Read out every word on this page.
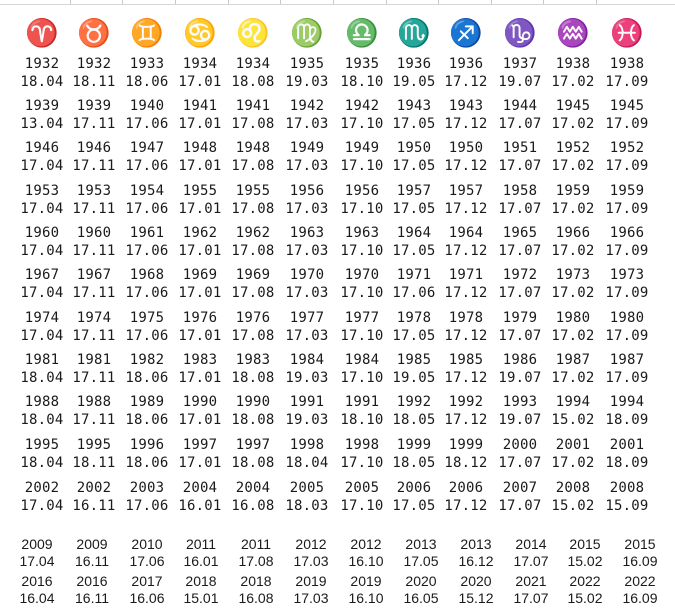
♈ ♉ ♊ ♋ ♌ ♍ ♎ ♏ ♐ ♑ ♒ ♓
1932
18.04
1932
18.11
1933
18.06
1934
17.01
1934
18.08
1935
19.03
1935
18.10
1936
19.05
1936
17.12
1937
19.07
1938
17.02
1938
17.09
1939
13.04
1939
17.11
1940
17.06
1941
17.01
1941
17.08
1942
17.03
1942
17.10
1943
17.05
1943
17.12
1944
17.07
1945
17.02
1945
17.09
1946
17.04
1946
17.11
1947
17.06
1948
17.01
1948
17.08
1949
17.03
1949
17.10
1950
17.05
1950
17.12
1951
17.07
1952
17.02
1952
17.09
1953
17.04
1953
17.11
1954
17.06
1955
17.01
1955
17.08
1956
17.03
1956
17.10
1957
17.05
1957
17.12
1958
17.07
1959
17.02
1959
17.09
1960
17.04
1960
17.11
1961
17.06
1962
17.01
1962
17.08
1963
17.03
1963
17.10
1964
17.05
1964
17.12
1965
17.07
1966
17.02
1966
17.09
1967
17.04
1967
17.11
1968
17.06
1969
17.01
1969
17.08
1970
17.03
1970
17.10
1971
17.06
1971
17.12
1972
17.07
1973
17.02
1973
17.09
1974
17.04
1974
17.11
1975
17.06
1976
17.01
1976
17.08
1977
17.03
1977
17.10
1978
17.05
1978
17.12
1979
17.07
1980
17.02
1980
17.09
1981
18.04
1981
17.11
1982
18.06
1983
17.01
1983
18.08
1984
19.03
1984
17.10
1985
19.05
1985
17.12
1986
19.07
1987
17.02
1987
17.09
1988
18.04
1988
17.11
1989
18.06
1990
17.01
1990
18.08
1991
19.03
1991
18.10
1992
18.05
1992
17.12
1993
19.07
1994
15.02
1994
18.09
1995
18.04
1995
18.11
1996
18.06
1997
17.01
1997
18.08
1998
18.04
1998
17.10
1999
18.05
1999
18.12
2000
17.07
2001
17.02
2001
18.09
2002
17.04
2002
16.11
2003
17.06
2004
16.01
2004
16.08
2005
18.03
2005
17.10
2006
17.05
2006
17.12
2007
17.07
2008
15.02
2008
15.09
2009
17.04
2009
16.11
2010
17.06
2011
16.01
2011
17.08
2012
17.03
2012
16.10
2013
17.05
2013
16.12
2014
17.07
2015
15.02
2015
16.09
2016
16.04
2016
16.11
2017
16.06
2018
15.01
2018
16.08
2019
17.03
2019
16.10
2020
16.05
2020
15.12
2021
17.07
2022
15.02
2022
16.09
